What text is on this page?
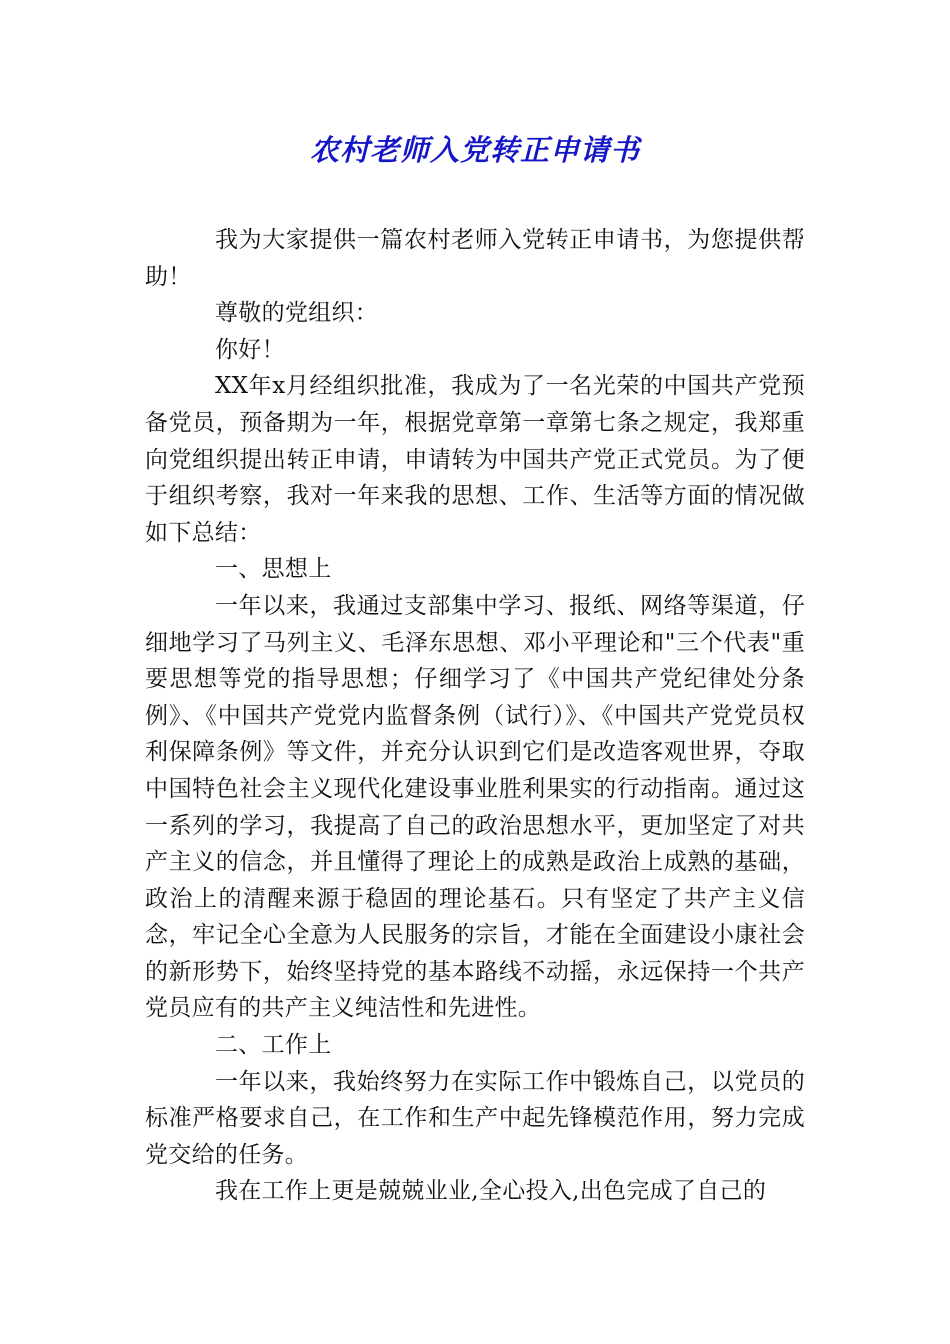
农村老师入党转正申请书

我为大家提供一篇农村老师入党转正申请书，为您提供帮助！

尊敬的党组织：

你好！

XX年x月经组织批准，我成为了一名光荣的中国共产党预备党员，预备期为一年，根据党章第一章第七条之规定，我郑重向党组织提出转正申请，申请转为中国共产党正式党员。为了便于组织考察，我对一年来我的思想、工作、生活等方面的情况做如下总结：

一、思想上

一年以来，我通过支部集中学习、报纸、网络等渠道，仔细地学习了马列主义、毛泽东思想、邓小平理论和"三个代表"重要思想等党的指导思想；仔细学习了《中国共产党纪律处分条例》、《中国共产党党内监督条例（试行）》、《中国共产党党员权利保障条例》等文件，并充分认识到它们是改造客观世界，夺取中国特色社会主义现代化建设事业胜利果实的行动指南。通过这一系列的学习，我提高了自己的政治思想水平，更加坚定了对共产主义的信念，并且懂得了理论上的成熟是政治上成熟的基础，政治上的清醒来源于稳固的理论基石。只有坚定了共产主义信念，牢记全心全意为人民服务的宗旨，才能在全面建设小康社会的新形势下，始终坚持党的基本路线不动摇，永远保持一个共产党员应有的共产主义纯洁性和先进性。

二、工作上

一年以来，我始终努力在实际工作中锻炼自己，以党员的标准严格要求自己，在工作和生产中起先锋模范作用，努力完成党交给的任务。

我在工作上更是兢兢业业,全心投入,出色完成了自己的
